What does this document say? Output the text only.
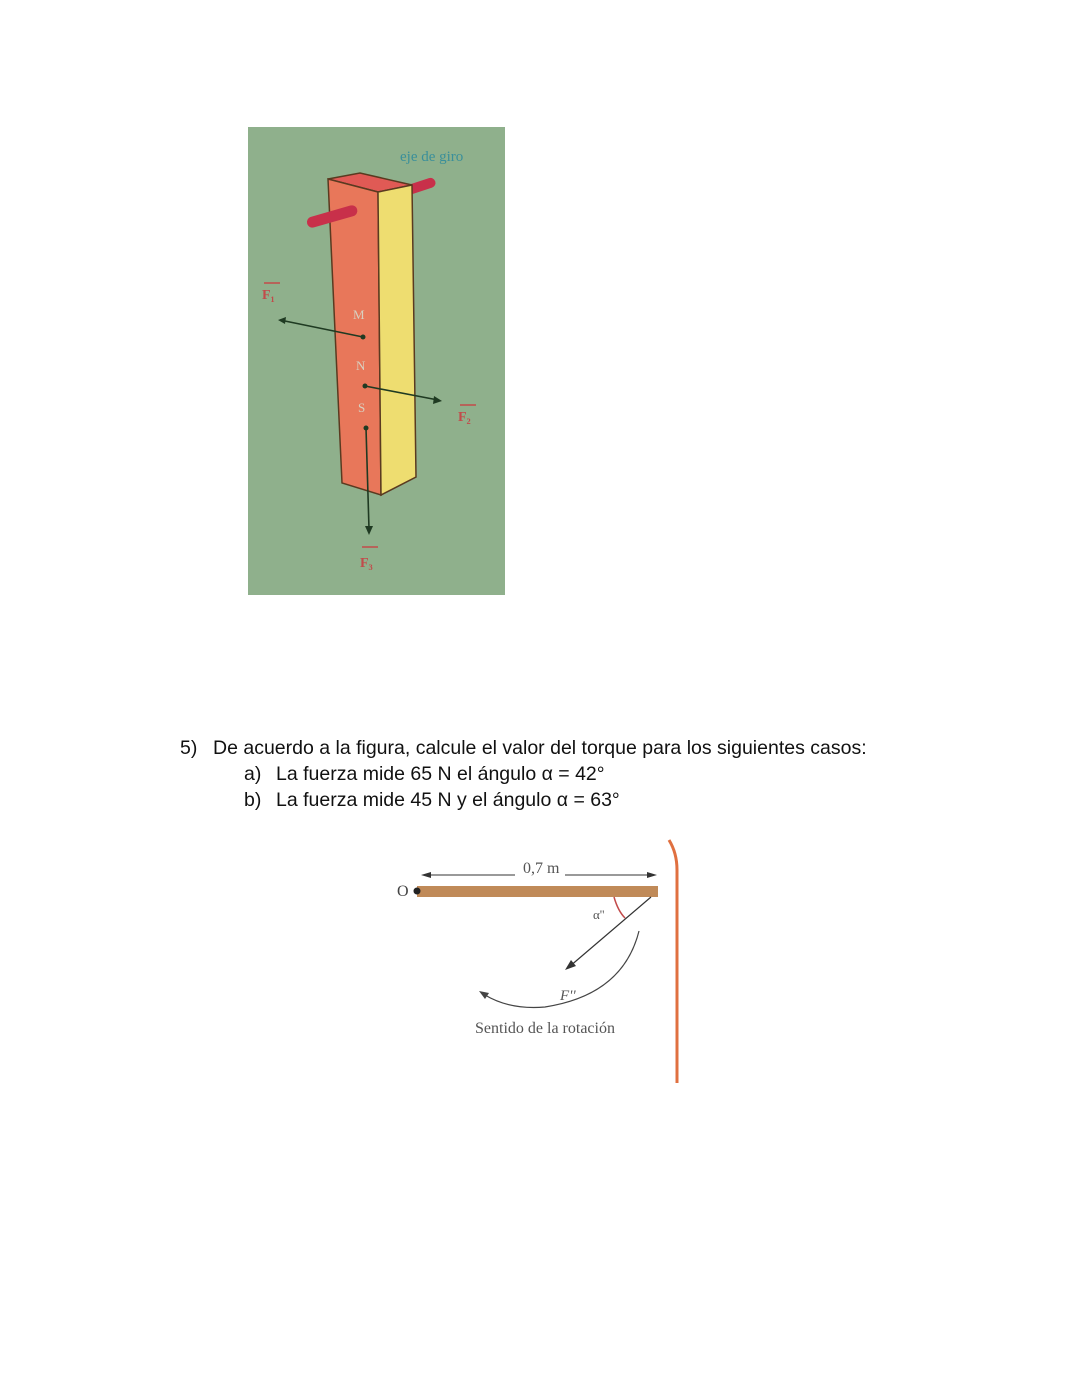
eje de giro
M
N
S
F₁
F₂
F₃
5) De acuerdo a la figura, calcule el valor del torque para los siguientes casos:
a) La fuerza mide 65 N el ángulo α = 42°
b) La fuerza mide 45 N y el ángulo α = 63°
0,7 m
O
α''
F''
Sentido de la rotación
